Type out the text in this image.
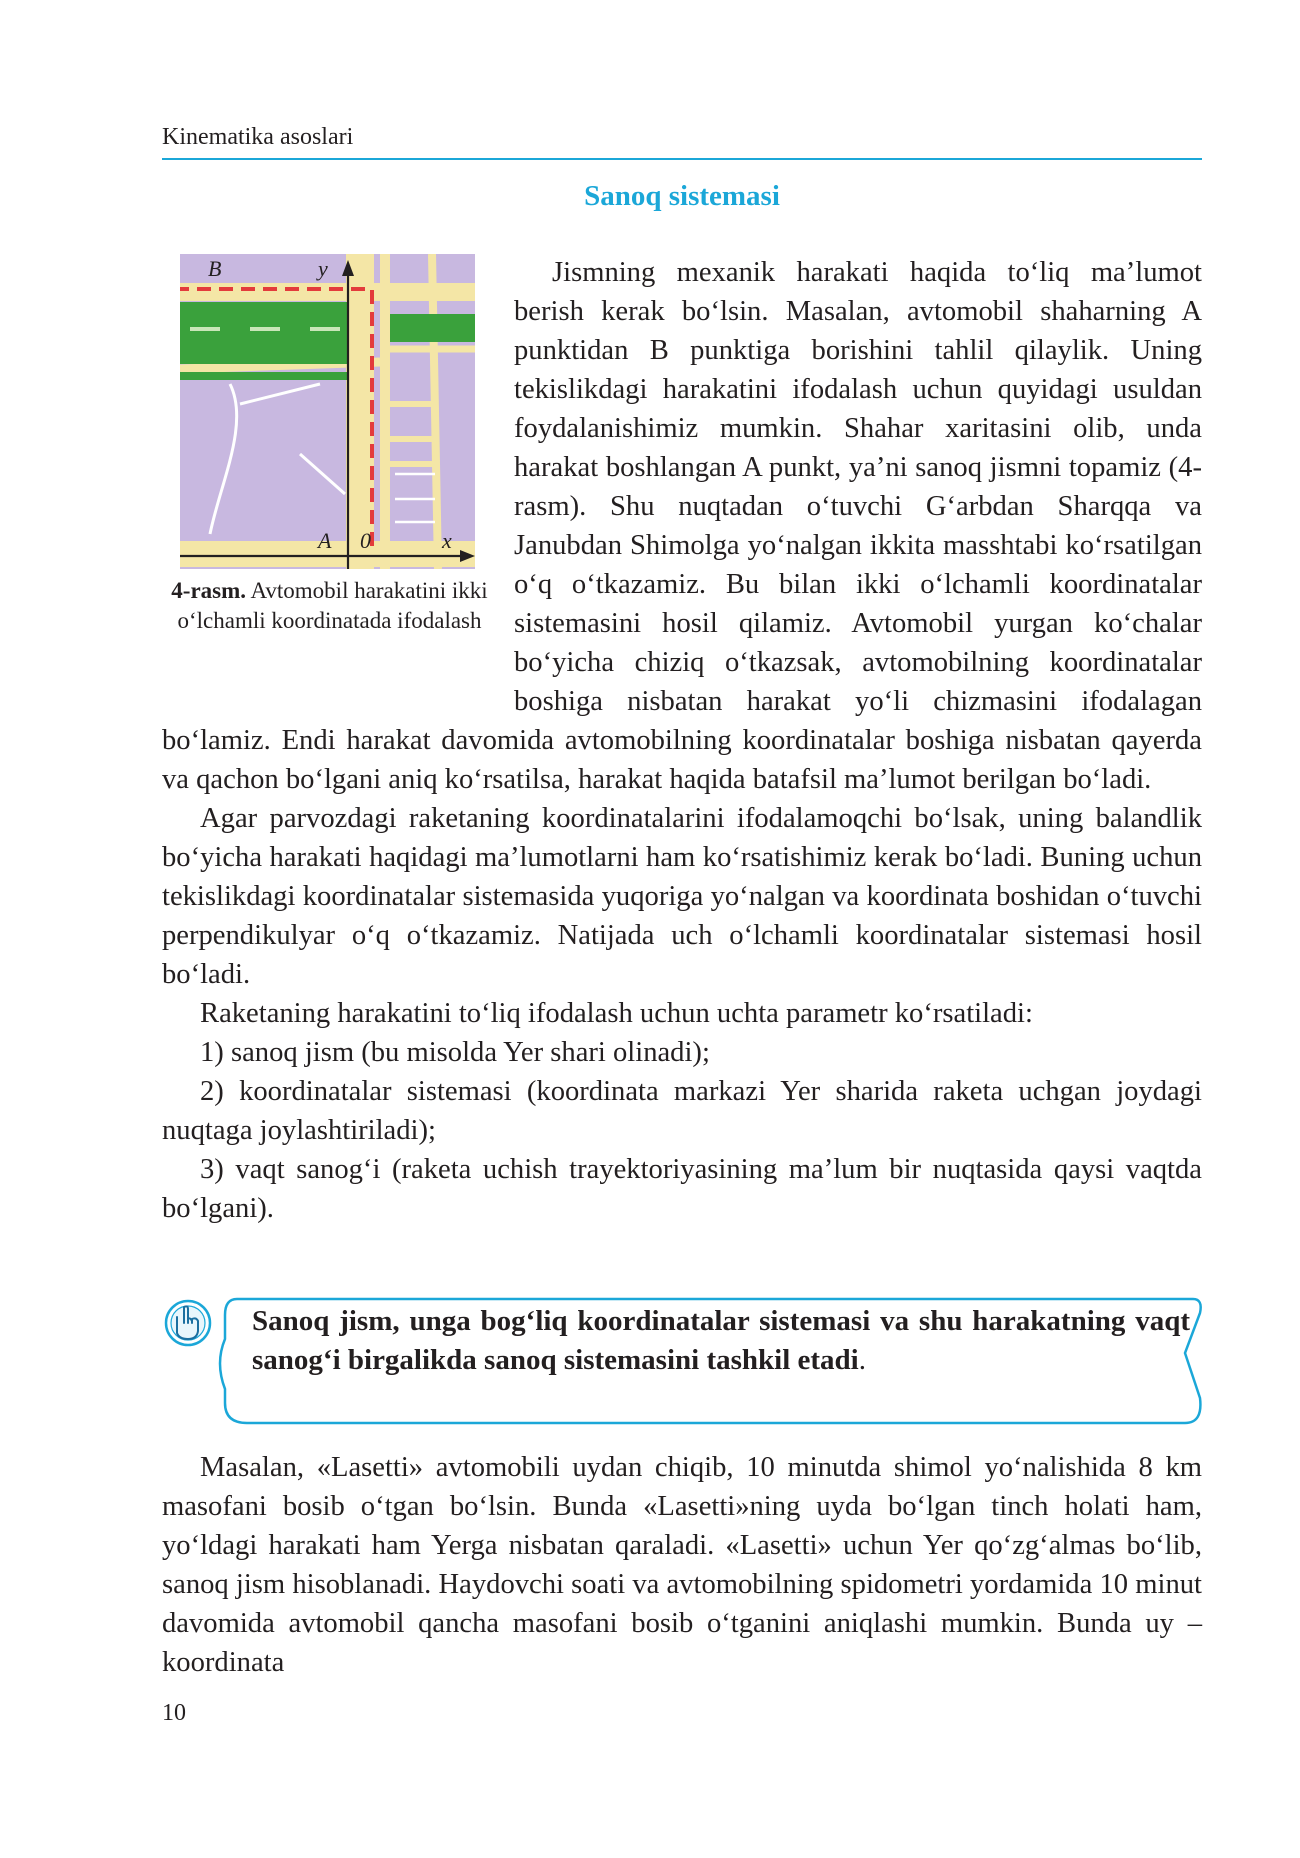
Kinematika asoslari
Sanoq sistemasi
B	y
A 0	x
4-rasm. Avtomobil harakatini ikki o‘lchamli koordinatada ifodalash

Jismning mexanik harakati haqida to‘liq ma’lumot berish kerak bo‘lsin. Masalan, avtomobil shaharning A punktidan B punktiga borishini tahlil qilaylik. Uning tekislikdagi harakatini ifodalash uchun quyidagi usuldan foydalanishimiz mumkin. Shahar xaritasini olib, unda harakat boshlangan A punkt, ya’ni sanoq jismni topamiz (4-rasm). Shu nuqtadan o‘tuvchi G‘arbdan Sharqqa va Janubdan Shimolga yo‘nalgan ikkita masshtabi ko‘rsatilgan o‘q o‘tkazamiz. Bu bilan ikki o‘lchamli koordinatalar sistemasini hosil qilamiz. Avtomobil yurgan ko‘chalar bo‘yicha chiziq o‘tkazsak, avtomobilning koordinatalar boshiga nisbatan harakat yo‘li chizmasini ifodalagan bo‘lamiz. Endi harakat davomida avtomobilning koordinatalar boshiga nisbatan qayerda va qachon bo‘lgani aniq ko‘rsatilsa, harakat haqida batafsil ma’lumot berilgan bo‘ladi.

Agar parvozdagi raketaning koordinatalarini ifodalamoqchi bo‘lsak, uning balandlik bo‘yicha harakati haqidagi ma’lumotlarni ham ko‘rsatishimiz kerak bo‘ladi. Buning uchun tekislikdagi koordinatalar sistemasida yuqoriga yo‘nalgan va koordinata boshidan o‘tuvchi perpendikulyar o‘q o‘tkazamiz. Natijada uch o‘lchamli koordinatalar sistemasi hosil bo‘ladi.

Raketaning harakatini to‘liq ifodalash uchun uchta parametr ko‘rsatiladi:

1) sanoq jism (bu misolda Yer shari olinadi);

2) koordinatalar sistemasi (koordinata markazi Yer sharida raketa uchgan joydagi nuqtaga joylashtiriladi);

3) vaqt sanog‘i (raketa uchish trayektoriyasining ma’lum bir nuqtasida qaysi vaqtda bo‘lgani).

Sanoq jism, unga bog‘liq koordinatalar sistemasi va shu harakatning vaqt sanog‘i birgalikda sanoq sistemasini tashkil etadi.

Masalan, «Lasetti» avtomobili uydan chiqib, 10 minutda shimol yo‘nalishida 8 km masofani bosib o‘tgan bo‘lsin. Bunda «Lasetti»ning uyda bo‘lgan tinch holati ham, yo‘ldagi harakati ham Yerga nisbatan qaraladi. «Lasetti» uchun Yer qo‘zg‘almas bo‘lib, sanoq jism hisoblanadi. Haydovchi soati va avtomobilning spidometri yordamida 10 minut davomida avtomobil qancha masofani bosib o‘tganini aniqlashi mumkin. Bunda uy – koordinata

10
